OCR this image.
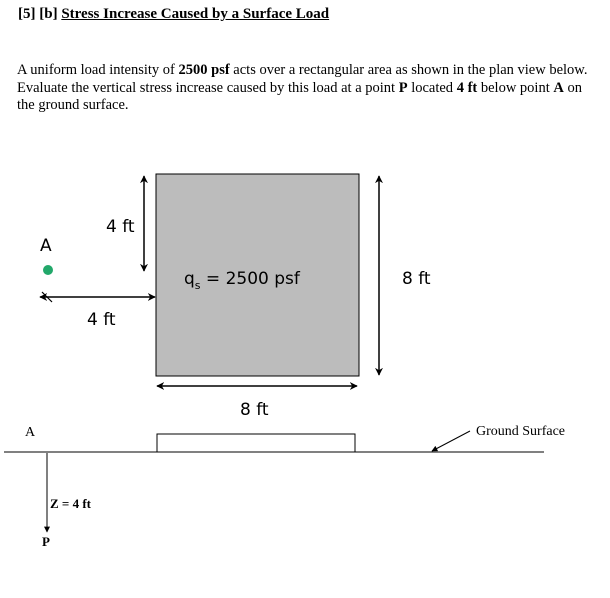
[5] [b] Stress Increase Caused by a Surface Load
A uniform load intensity of 2500 psf acts over a rectangular area as shown in the plan view below. Evaluate the vertical stress increase caused by this load at a point P located 4 ft below point A on the ground surface.
$q_s = 2500$ psf
A
4 ft
4 ft
8 ft
8 ft
A	Ground Surface
Z = 4 ft
P
